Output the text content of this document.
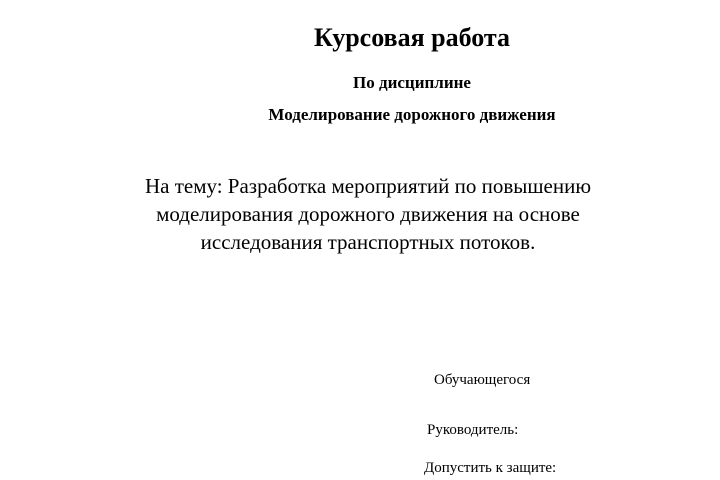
Курсовая работа
По дисциплине
Моделирование дорожного движения
На тему: Разработка мероприятий по повышению
моделирования дорожного движения на основе
исследования транспортных потоков.
Обучающегося
Руководитель:
Допустить к защите:
